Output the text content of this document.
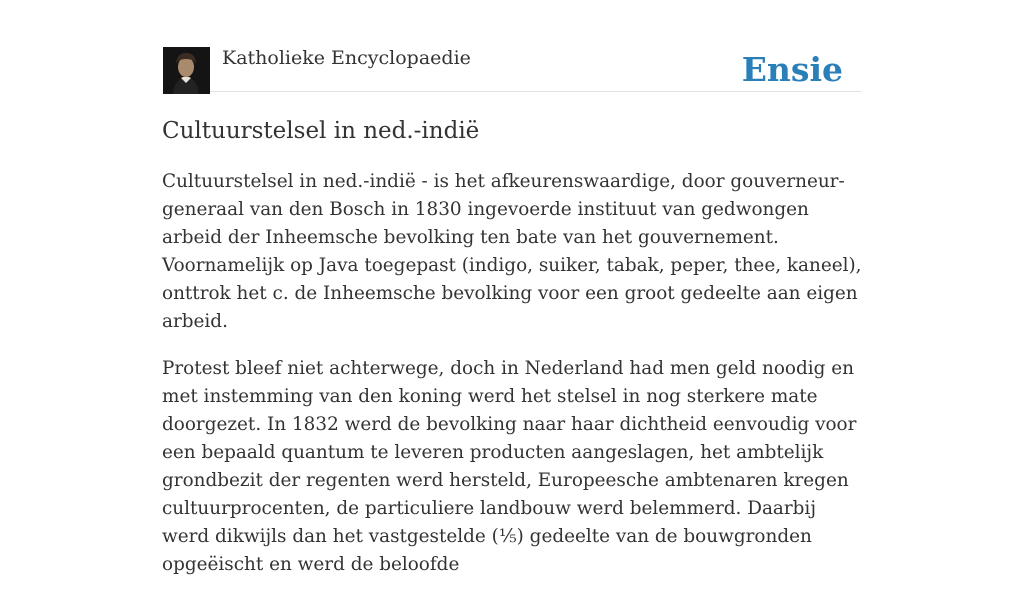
Katholieke Encyclopaedie	Ensie
Cultuurstelsel in ned.-indië

Cultuurstelsel in ned.-indië - is het afkeurenswaardige, door gouverneur-generaal van den Bosch in 1830 ingevoerde instituut van gedwongen arbeid der Inheemsche bevolking ten bate van het gouvernement. Voornamelijk op Java toegepast (indigo, suiker, tabak, peper, thee, kaneel), onttrok het c. de Inheemsche bevolking voor een groot gedeelte aan eigen arbeid.

Protest bleef niet achterwege, doch in Nederland had men geld noodig en met instemming van den koning werd het stelsel in nog sterkere mate doorgezet. In 1832 werd de bevolking naar haar dichtheid eenvoudig voor een bepaald quantum te leveren producten aangeslagen, het ambtelijk grondbezit der regenten werd hersteld, Europeesche ambtenaren kregen cultuurprocenten, de particuliere landbouw werd belemmerd. Daarbij werd dikwijls dan het vastgestelde (⅕) gedeelte van de bouwgronden opgeëischt en werd de beloofde
